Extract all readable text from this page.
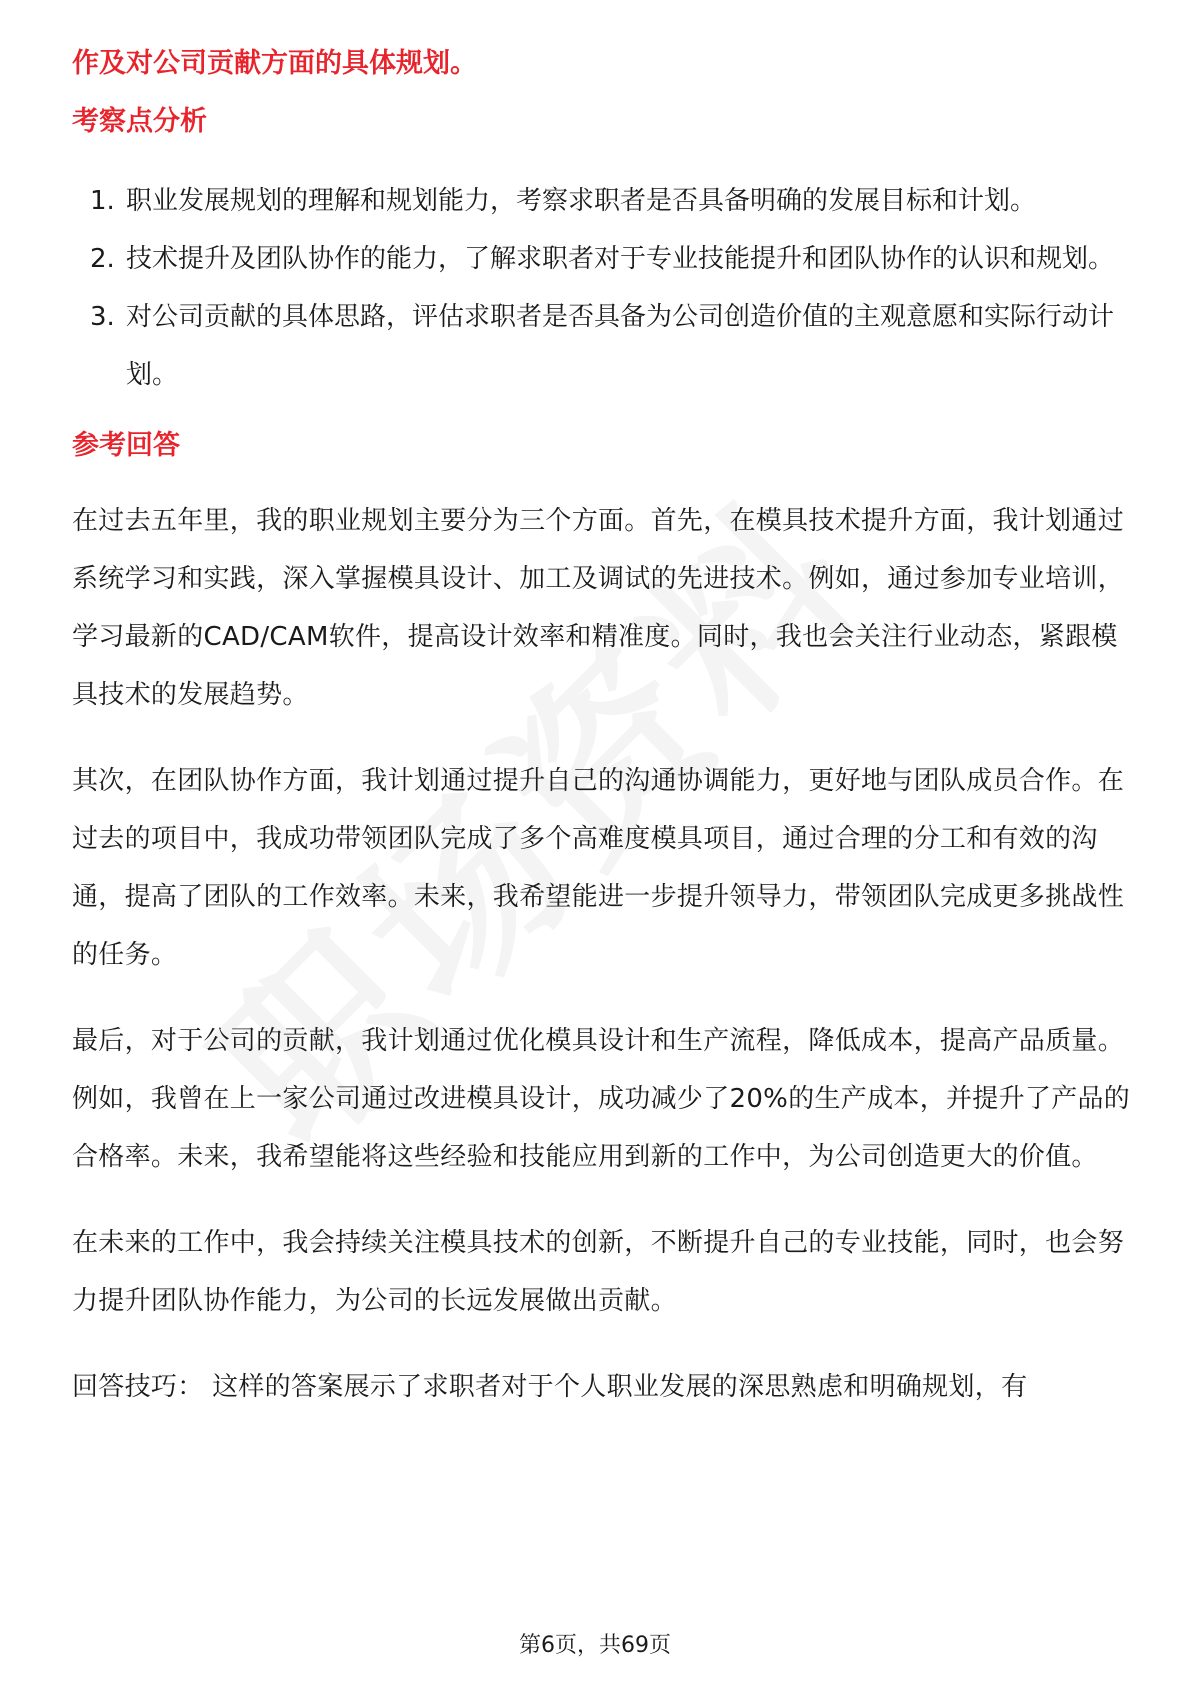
作及对公司贡献方面的具体规划。

考察点分析

1. 职业发展规划的理解和规划能力，考察求职者是否具备明确的发展目标和计划。
2. 技术提升及团队协作的能力，了解求职者对于专业技能提升和团队协作的认识和规划。
3. 对公司贡献的具体思路，评估求职者是否具备为公司创造价值的主观意愿和实际行动计划。

参考回答

在过去五年里，我的职业规划主要分为三个方面。首先，在模具技术提升方面，我计划通过系统学习和实践，深入掌握模具设计、加工及调试的先进技术。例如，通过参加专业培训，学习最新的CAD/CAM软件，提高设计效率和精准度。同时，我也会关注行业动态，紧跟模具技术的发展趋势。

其次，在团队协作方面，我计划通过提升自己的沟通协调能力，更好地与团队成员合作。在过去的项目中，我成功带领团队完成了多个高难度模具项目，通过合理的分工和有效的沟通，提高了团队的工作效率。未来，我希望能进一步提升领导力，带领团队完成更多挑战性的任务。

最后，对于公司的贡献，我计划通过优化模具设计和生产流程，降低成本，提高产品质量。例如，我曾在上一家公司通过改进模具设计，成功减少了20%的生产成本，并提升了产品的合格率。未来，我希望能将这些经验和技能应用到新的工作中，为公司创造更大的价值。

在未来的工作中，我会持续关注模具技术的创新，不断提升自己的专业技能，同时，也会努力提升团队协作能力，为公司的长远发展做出贡献。

回答技巧： 这样的答案展示了求职者对于个人职业发展的深思熟虑和明确规划，有

第6页，共69页
